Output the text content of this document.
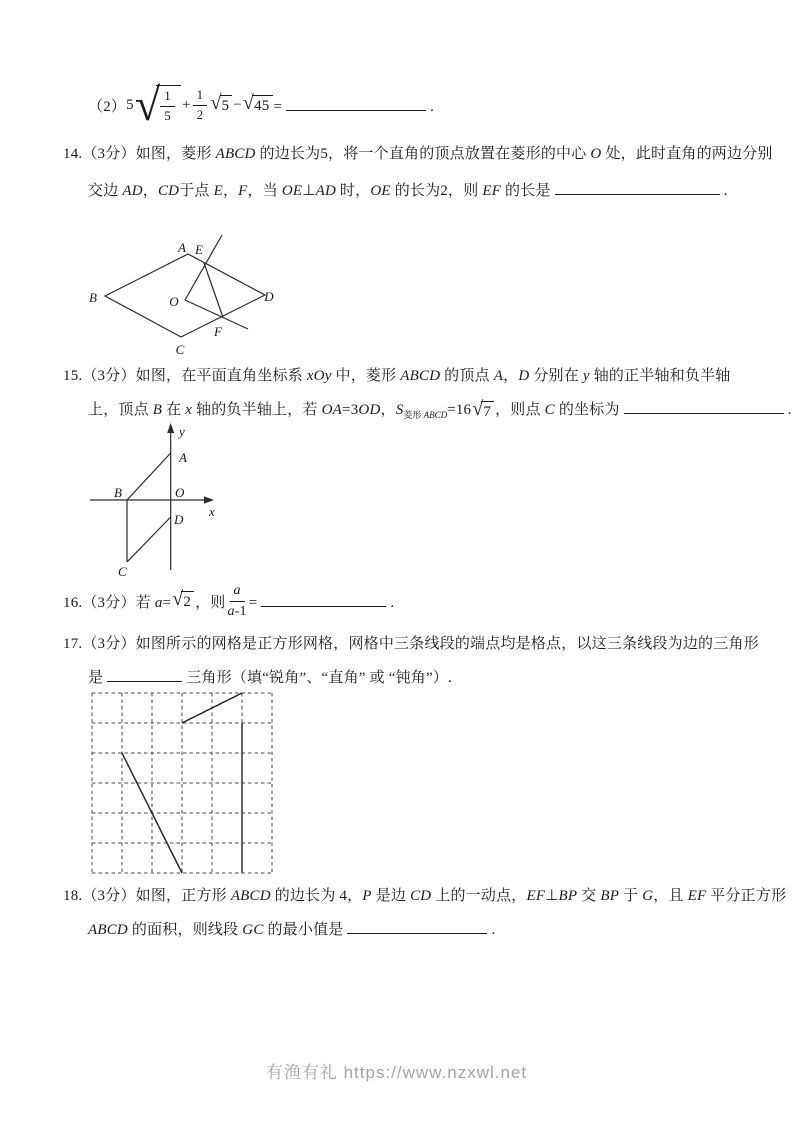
（2） 5 √ $\frac{1}{5} + \frac{1}{2}$ √ 5 − √ 45 =	.
14.（3分）如图，菱形 ABCD 的边长为5，将一个直角的顶点放置在菱形的中心 O 处，此时直角的两边分别
交边 AD，CD于点 E，F，当 OE⊥AD 时，OE 的长为2，则 EF 的长是	.
A E
B	O	D
C
F
15.（3分）如图，在平面直角坐标系 xOy 中，菱形 ABCD 的顶点 A，D 分别在 y 轴的正半轴和负半轴
上，顶点 B 在 x 轴的负半轴上，若 OA=3OD，$S_{菱形 ABCD}=16$ √ 7 ，则点 C 的坐标为	.
y
x
A
B	O
D
C
16.（3分）若 a= √ 2 ，则 $\frac{a}{a-1}$ =	.
17.（3分）如图所示的网格是正方形网格，网格中三条线段的端点均是格点，以这三条线段为边的三角形
是	三角形（填“锐角”、“直角” 或 “钝角”）.
18.（3分）如图，正方形 ABCD 的边长为 4，P 是边 CD 上的一动点，EF⊥BP 交 BP 于 G，且 EF 平分正方形
ABCD 的面积，则线段 GC 的最小值是	.
有渔有礼 https://www.nzxwl.net
